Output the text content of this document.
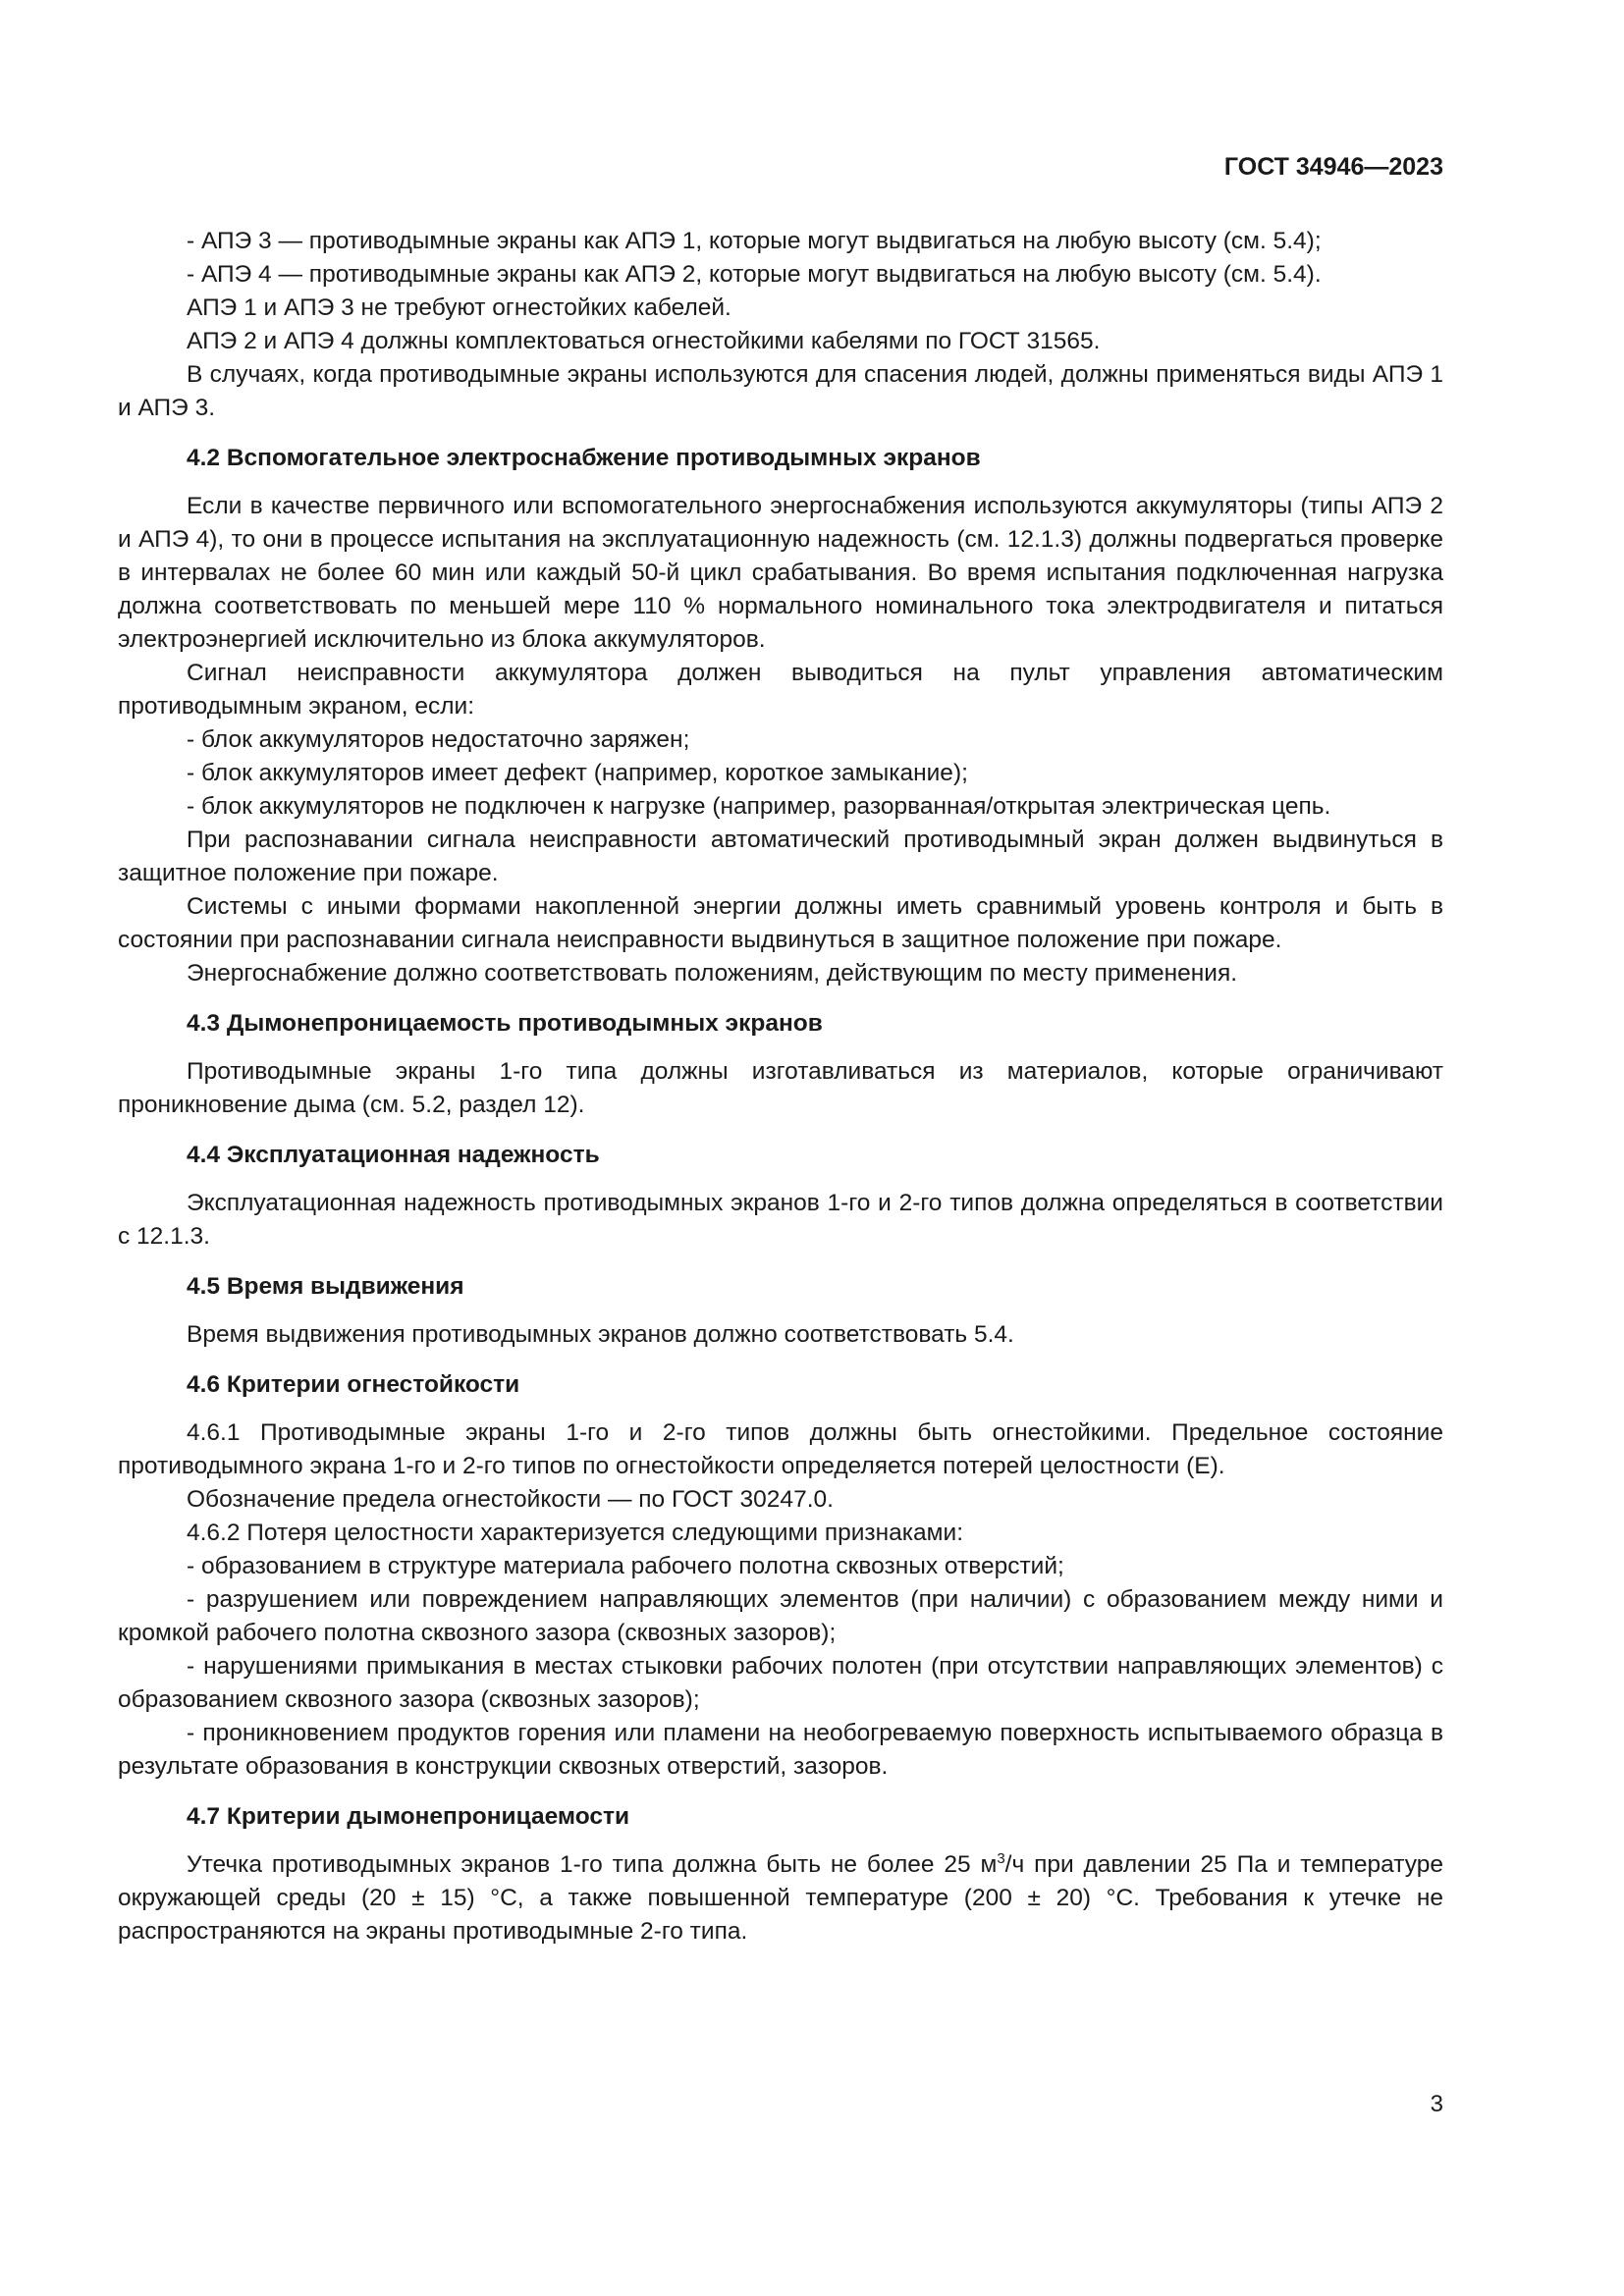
ГОСТ 34946—2023

- АПЭ 3 — противодымные экраны как АПЭ 1, которые могут выдвигаться на любую высоту (см. 5.4);

- АПЭ 4 — противодымные экраны как АПЭ 2, которые могут выдвигаться на любую высоту (см. 5.4).

АПЭ 1 и АПЭ 3 не требуют огнестойких кабелей.

АПЭ 2 и АПЭ 4 должны комплектоваться огнестойкими кабелями по ГОСТ 31565.

В случаях, когда противодымные экраны используются для спасения людей, должны применяться виды АПЭ 1 и АПЭ 3.

4.2 Вспомогательное электроснабжение противодымных экранов

Если в качестве первичного или вспомогательного энергоснабжения используются аккумуляторы (типы АПЭ 2 и АПЭ 4), то они в процессе испытания на эксплуатационную надежность (см. 12.1.3) должны подвергаться проверке в интервалах не более 60 мин или каждый 50-й цикл срабатывания. Во время испытания подключенная нагрузка должна соответствовать по меньшей мере 110 % нормального номинального тока электродвигателя и питаться электроэнергией исключительно из блока аккумуляторов.

Сигнал неисправности аккумулятора должен выводиться на пульт управления автоматическим противодымным экраном, если:

- блок аккумуляторов недостаточно заряжен;

- блок аккумуляторов имеет дефект (например, короткое замыкание);

- блок аккумуляторов не подключен к нагрузке (например, разорванная/открытая электрическая цепь.

При распознавании сигнала неисправности автоматический противодымный экран должен выдвинуться в защитное положение при пожаре.

Системы с иными формами накопленной энергии должны иметь сравнимый уровень контроля и быть в состоянии при распознавании сигнала неисправности выдвинуться в защитное положение при пожаре.

Энергоснабжение должно соответствовать положениям, действующим по месту применения.

4.3 Дымонепроницаемость противодымных экранов

Противодымные экраны 1-го типа должны изготавливаться из материалов, которые ограничивают проникновение дыма (см. 5.2, раздел 12).

4.4 Эксплуатационная надежность

Эксплуатационная надежность противодымных экранов 1-го и 2-го типов должна определяться в соответствии с 12.1.3.

4.5 Время выдвижения

Время выдвижения противодымных экранов должно соответствовать 5.4.

4.6 Критерии огнестойкости

4.6.1 Противодымные экраны 1-го и 2-го типов должны быть огнестойкими. Предельное состояние противодымного экрана 1-го и 2-го типов по огнестойкости определяется потерей целостности (Е).

Обозначение предела огнестойкости — по ГОСТ 30247.0.

4.6.2 Потеря целостности характеризуется следующими признаками:

- образованием в структуре материала рабочего полотна сквозных отверстий;

- разрушением или повреждением направляющих элементов (при наличии) с образованием между ними и кромкой рабочего полотна сквозного зазора (сквозных зазоров);

- нарушениями примыкания в местах стыковки рабочих полотен (при отсутствии направляющих элементов) с образованием сквозного зазора (сквозных зазоров);

- проникновением продуктов горения или пламени на необогреваемую поверхность испытываемого образца в результате образования в конструкции сквозных отверстий, зазоров.

4.7 Критерии дымонепроницаемости

Утечка противодымных экранов 1-го типа должна быть не более 25 $м^3/ч$ при давлении 25 Па и температуре окружающей среды (20 ± 15) °С, а также повышенной температуре (200 ± 20) °С. Требования к утечке не распространяются на экраны противодымные 2-го типа.

3
